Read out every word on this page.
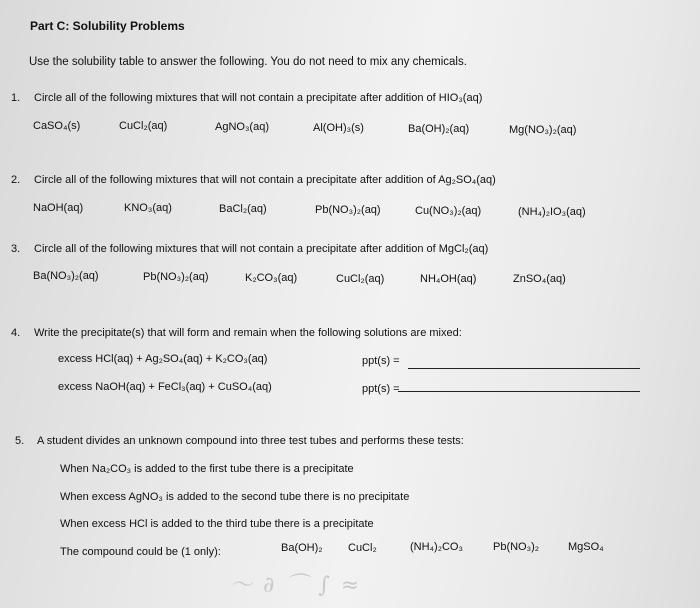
Part C: Solubility Problems
Use the solubility table to answer the following. You do not need to mix any chemicals.
1. Circle all of the following mixtures that will not contain a precipitate after addition of HIO₃(aq)
CaSO₄(s)	CuCl₂(aq)	AgNO₃(aq)	Al(OH)₃(s)	Ba(OH)₂(aq)	Mg(NO₃)₂(aq)
2. Circle all of the following mixtures that will not contain a precipitate after addition of Ag₂SO₄(aq)
NaOH(aq)	KNO₃(aq)	BaCl₂(aq)	Pb(NO₃)₂(aq)	Cu(NO₃)₂(aq)	(NH₄)₂IO₃(aq)
3. Circle all of the following mixtures that will not contain a precipitate after addition of MgCl₂(aq)
Ba(NO₃)₂(aq)	Pb(NO₃)₂(aq)	K₂CO₃(aq)	CuCl₂(aq)	NH₄OH(aq)	ZnSO₄(aq)
4. Write the precipitate(s) that will form and remain when the following solutions are mixed:
excess HCl(aq) + Ag₂SO₄(aq) + K₂CO₃(aq)	ppt(s) =
excess NaOH(aq) + FeCl₃(aq) + CuSO₄(aq)	ppt(s) =
5. A student divides an unknown compound into three test tubes and performs these tests:
When Na₂CO₃ is added to the first tube there is a precipitate
When excess AgNO₃ is added to the second tube there is no precipitate
When excess HCl is added to the third tube there is a precipitate
The compound could be (1 only):	Ba(OH)₂ CuCl₂	(NH₄)₂CO₃	Pb(NO₃)₂	MgSO₄
〜 ∂ ⌒ ∫ ≈
